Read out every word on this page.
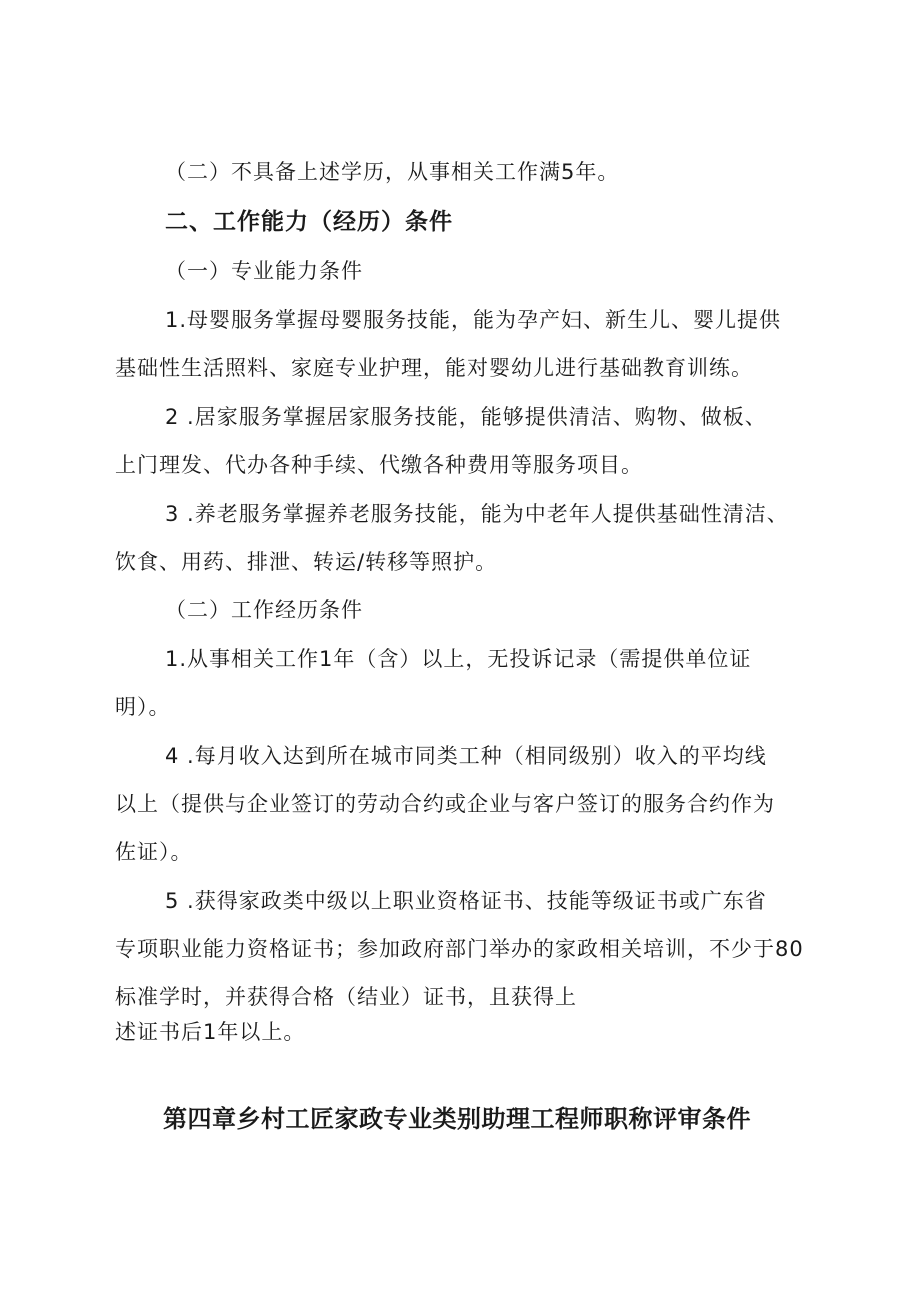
（二）不具备上述学历，从事相关工作满5年。

二、工作能力（经历）条件

（一）专业能力条件

1.母婴服务掌握母婴服务技能，能为孕产妇、新生儿、婴儿提供

基础性生活照料、家庭专业护理，能对婴幼儿进行基础教育训练。

2 .居家服务掌握居家服务技能，能够提供清洁、购物、做板、

上门理发、代办各种手续、代缴各种费用等服务项目。

3 .养老服务掌握养老服务技能，能为中老年人提供基础性清洁、

饮食、用药、排泄、转运/转移等照护。

（二）工作经历条件

1.从事相关工作1年（含）以上，无投诉记录（需提供单位证

明）。

4 .每月收入达到所在城市同类工种（相同级别）收入的平均线

以上（提供与企业签订的劳动合约或企业与客户签订的服务合约作为

佐证）。

5 .获得家政类中级以上职业资格证书、技能等级证书或广东省

专项职业能力资格证书；参加政府部门举办的家政相关培训，不少于80

标准学时，并获得合格（结业）证书，且获得上

述证书后1年以上。

第四章乡村工匠家政专业类别助理工程师职称评审条件
